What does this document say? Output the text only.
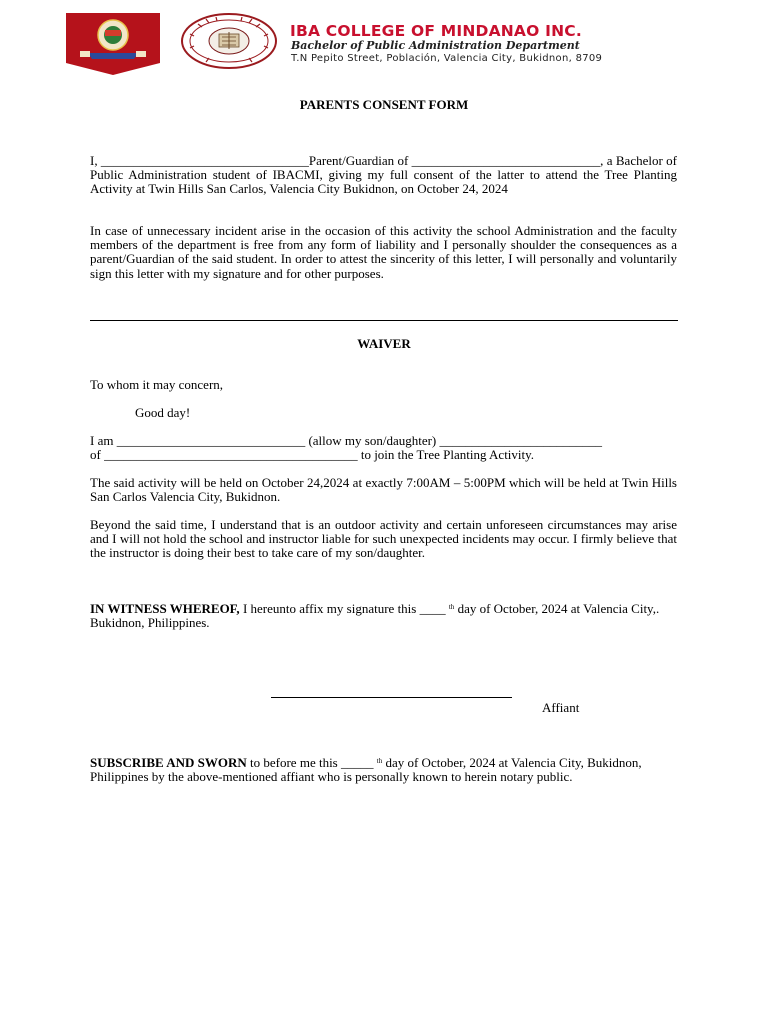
IBA COLLEGE OF MINDANAO INC.
Bachelor of Public Administration Department
T.N Pepito Street, Población, Valencia City, Bukidnon, 8709
PARENTS CONSENT FORM
I, ________________________________Parent/Guardian of _____________________________, a Bachelor of Public Administration student of IBACMI, giving my full consent of the latter to attend the Tree Planting Activity at Twin Hills San Carlos, Valencia City Bukidnon, on October 24, 2024
In case of unnecessary incident arise in the occasion of this activity the school Administration and the faculty members of the department is free from any form of liability and I personally shoulder the consequences as a parent/Guardian of the said student. In order to attest the sincerity of this letter, I will personally and voluntarily sign this letter with my signature and for other purposes.
WAIVER
To whom it may concern,
Good day!
I am _____________________________ (allow my son/daughter) _________________________
of _______________________________________ to join the Tree Planting Activity.
The said activity will be held on October 24,2024 at exactly 7:00AM – 5:00PM which will be held at Twin Hills San Carlos Valencia City, Bukidnon.
Beyond the said time, I understand that is an outdoor activity and certain unforeseen circumstances may arise and I will not hold the school and instructor liable for such unexpected incidents may occur. I firmly believe that the instructor is doing their best to take care of my son/daughter.
IN WITNESS WHEREOF, I hereunto affix my signature this ____ $^{th}$ day of October, 2024 at Valencia City,. Bukidnon, Philippines.
Affiant
SUBSCRIBE AND SWORN to before me this _____ $^{th}$ day of October, 2024 at Valencia City, Bukidnon, Philippines by the above-mentioned affiant who is personally known to herein notary public.
